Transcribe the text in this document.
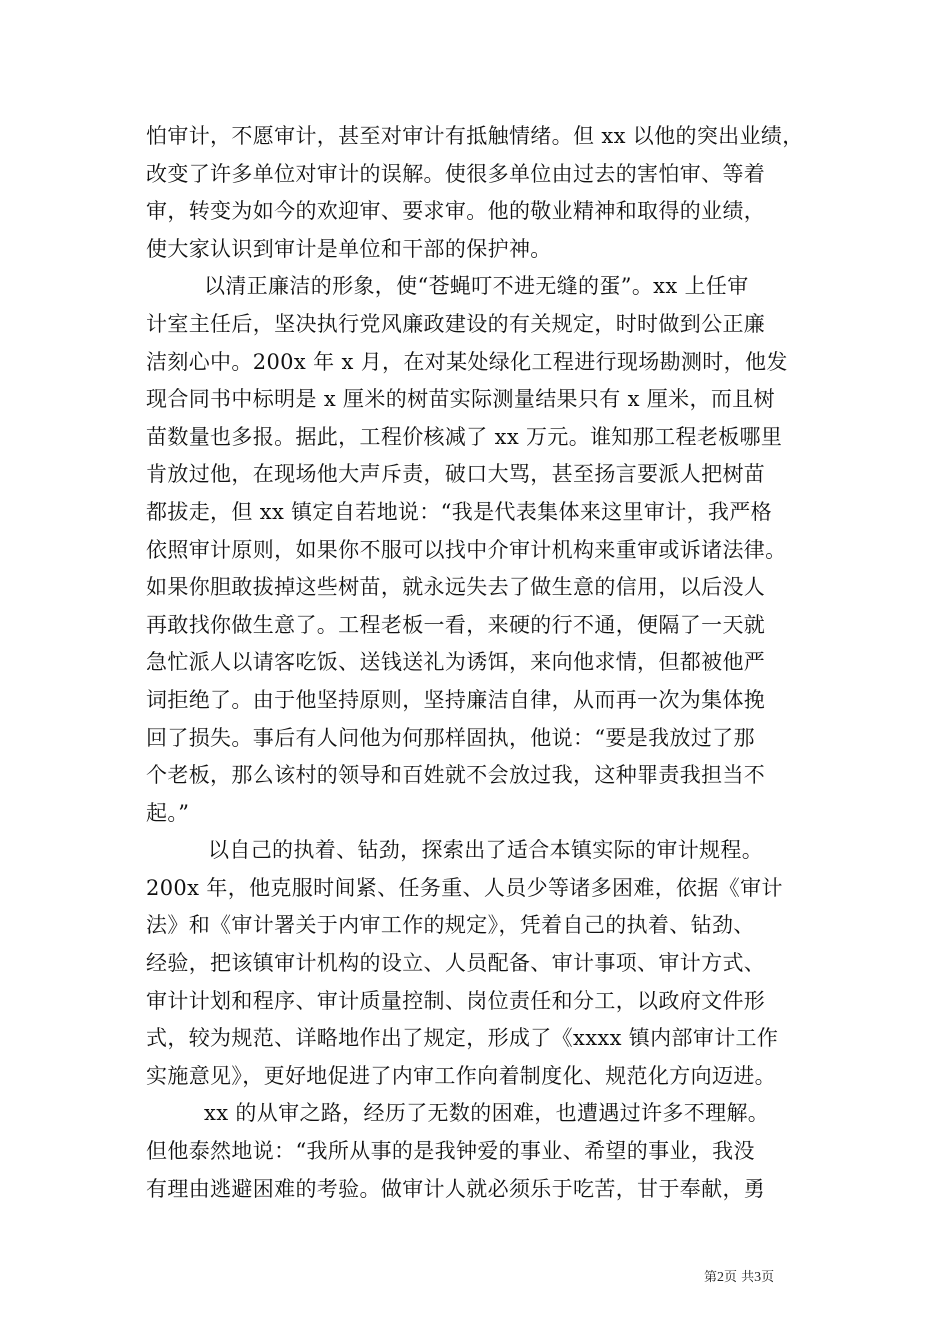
怕审计，不愿审计，甚至对审计有抵触情绪。但 xx 以他的突出业绩，
改变了许多单位对审计的误解。使很多单位由过去的害怕审、等着
审，转变为如今的欢迎审、要求审。他的敬业精神和取得的业绩，
使大家认识到审计是单位和干部的保护神。
以清正廉洁的形象，使“苍蝇叮不进无缝的蛋”。xx 上任审
计室主任后，坚决执行党风廉政建设的有关规定，时时做到公正廉
洁刻心中。200x 年 x 月，在对某处绿化工程进行现场勘测时，他发
现合同书中标明是 x 厘米的树苗实际测量结果只有 x 厘米，而且树
苗数量也多报。据此，工程价核减了 xx 万元。谁知那工程老板哪里
肯放过他，在现场他大声斥责，破口大骂，甚至扬言要派人把树苗
都拔走，但 xx 镇定自若地说：“我是代表集体来这里审计，我严格
依照审计原则，如果你不服可以找中介审计机构来重审或诉诸法律。
如果你胆敢拔掉这些树苗，就永远失去了做生意的信用，以后没人
再敢找你做生意了。工程老板一看，来硬的行不通，便隔了一天就
急忙派人以请客吃饭、送钱送礼为诱饵，来向他求情，但都被他严
词拒绝了。由于他坚持原则，坚持廉洁自律，从而再一次为集体挽
回了损失。事后有人问他为何那样固执，他说：“要是我放过了那
个老板，那么该村的领导和百姓就不会放过我，这种罪责我担当不
起。”
以自己的执着、钻劲，探索出了适合本镇实际的审计规程。
200x 年，他克服时间紧、任务重、人员少等诸多困难，依据《审计
法》和《审计署关于内审工作的规定》，凭着自己的执着、钻劲、
经验，把该镇审计机构的设立、人员配备、审计事项、审计方式、
审计计划和程序、审计质量控制、岗位责任和分工，以政府文件形
式，较为规范、详略地作出了规定，形成了《xxxx 镇内部审计工作
实施意见》，更好地促进了内审工作向着制度化、规范化方向迈进。
xx 的从审之路，经历了无数的困难，也遭遇过许多不理解。
但他泰然地说：“我所从事的是我钟爱的事业、希望的事业，我没
有理由逃避困难的考验。做审计人就必须乐于吃苦，甘于奉献，勇
第2页 共3页
